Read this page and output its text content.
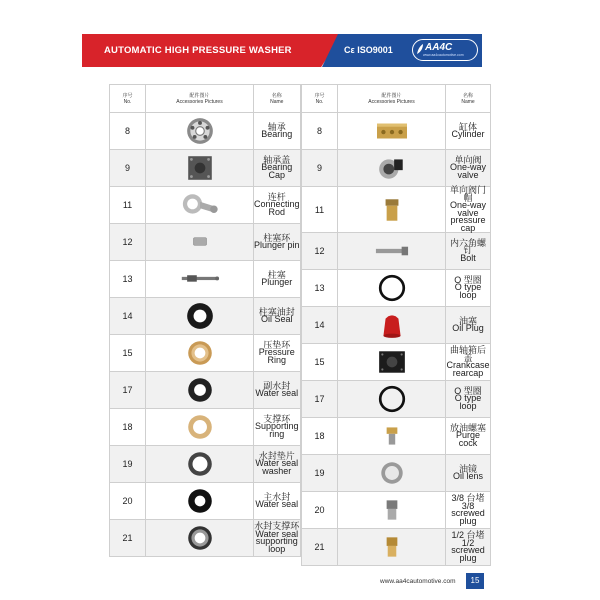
AUTOMATIC HIGH PRESSURE WASHER	Cε ISO9001	AA4C
www.aa4cautomotive.com
序号
No.	配件图片
Accessories Pictures	名称
Name

8		轴承
Bearing

9		轴承盖
Bearing Cap

11		连杆
Connecting Rod

12		柱塞环
Plunger pin

13		柱塞
Plunger

14		柱塞油封
Oil Seal

15		压垫环
Pressure Ring

17		副水封
Water seal

18		支撑环
Supporting ring

19		水封垫片
Water seal washer

20		主水封
Water seal

21		水封支撑环
Water seal supporting loop
序号
No.	配件图片
Accessories Pictures	名称
Name

8		缸体
Cylinder

9		单向阀
One-way valve

11		单向阀门帽
One-way valve pressure cap

12		内六角螺钉
Bolt

13		O 型圈
O type loop

14		油塞
Oil Plug

15		曲轴箱后盖
Crankcase rearcap

17		O 型圈
O type loop

18		放油螺塞
Purge cock

19		油镜
Oil lens

20		3/8 台堵
3/8 screwed plug

21		1/2 台堵
1/2 screwed plug
www.aa4cautomotive.com	15
